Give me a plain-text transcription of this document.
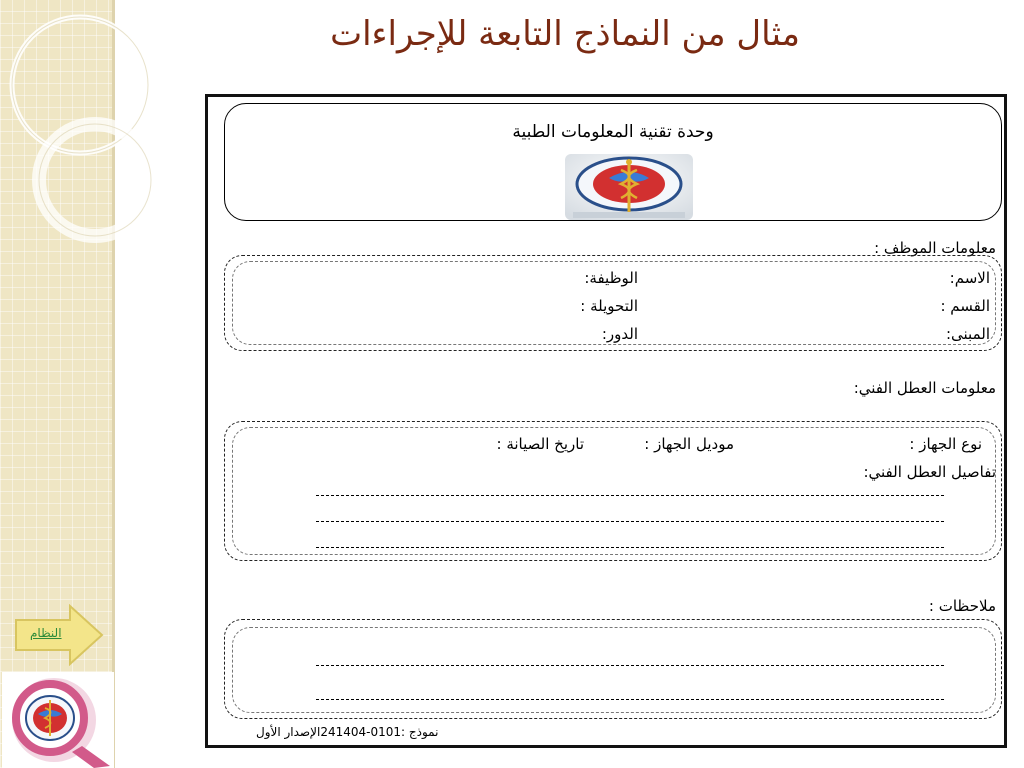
مثال من النماذج التابعة للإجراءات
وحدة تقنية المعلومات الطبية
معلومات الموظف :
الاسم:
الوظيفة:
القسم :
التحويلة :
المبنى:
الدور:
معلومات العطل الفني:
نوع الجهاز :
موديل الجهاز :
تاريخ الصيانة :
تفاصيل العطل الفني:
ملاحظات :
نموذج :0101-241404الإصدار الأول
النظام
